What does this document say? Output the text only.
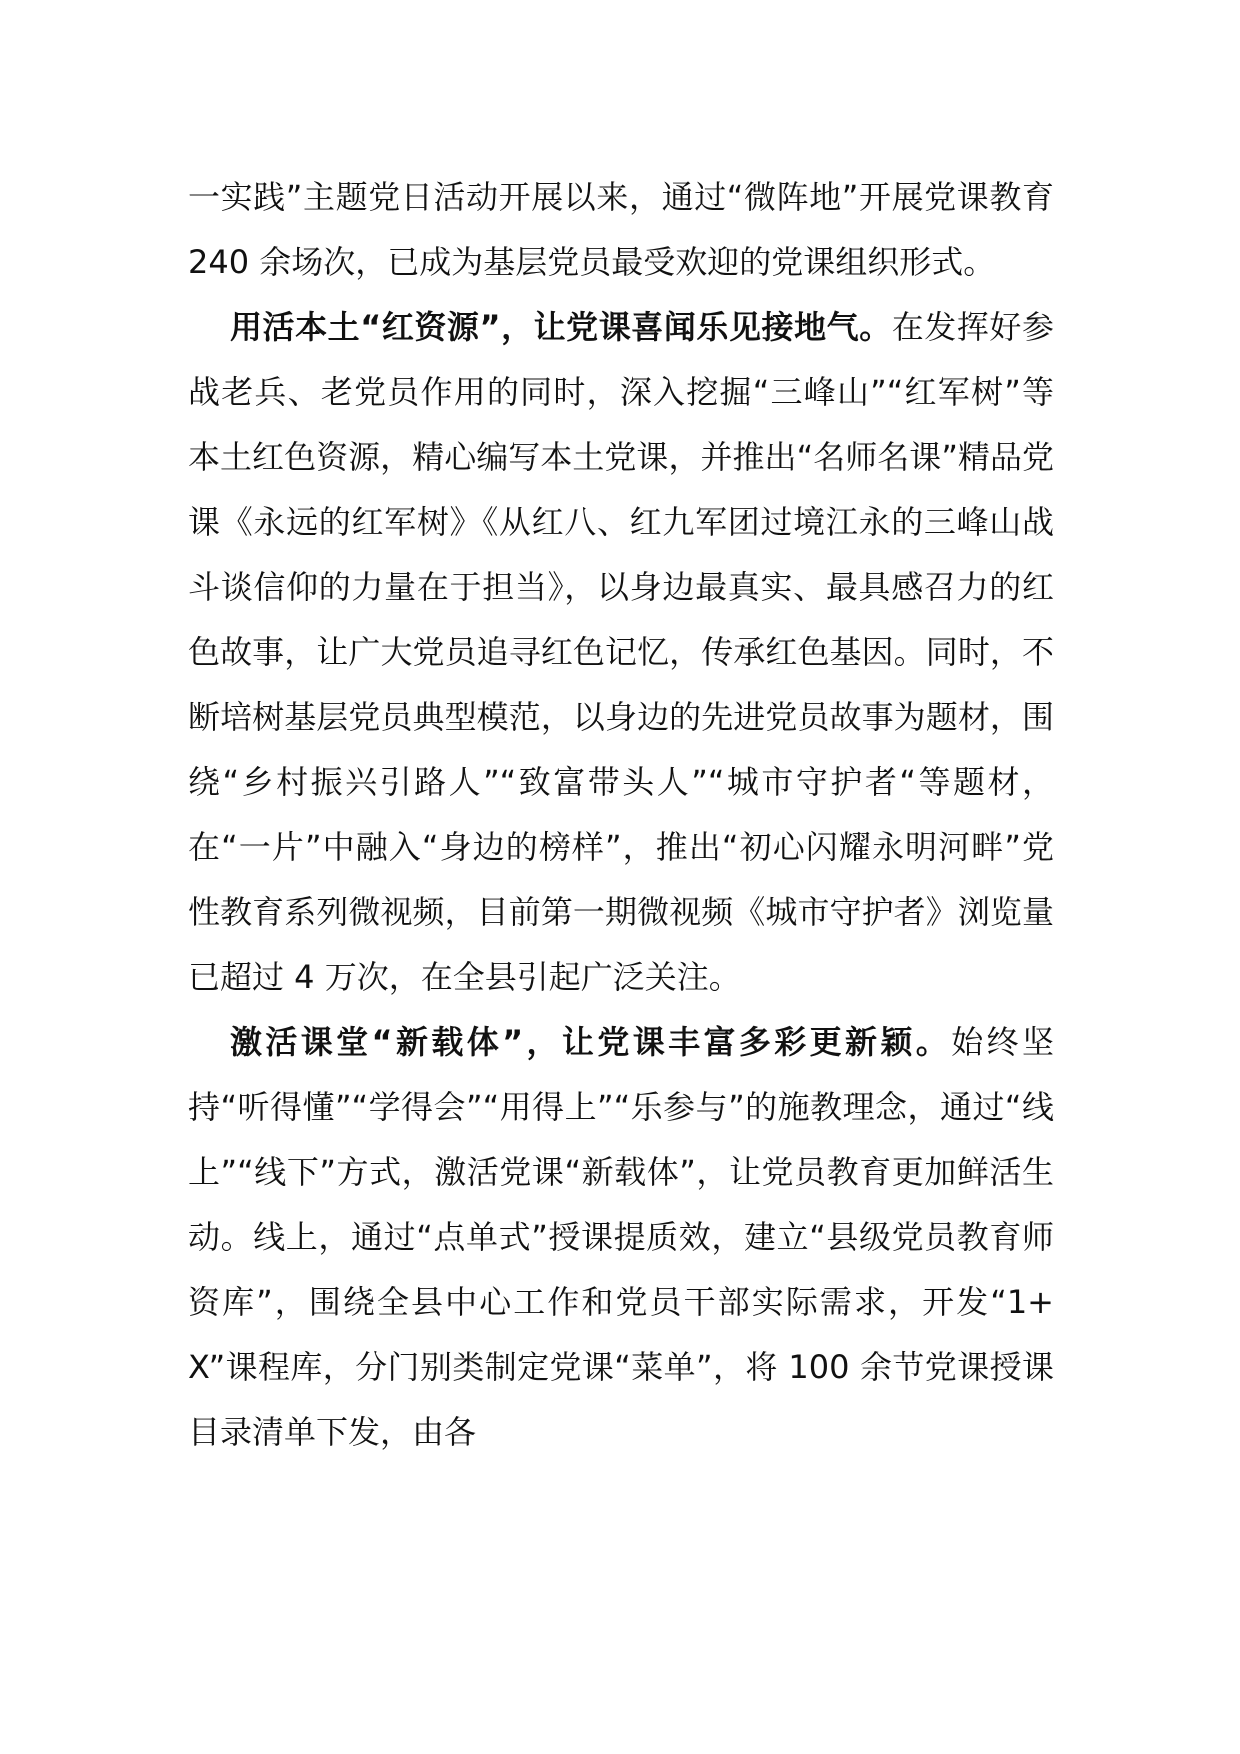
一实践”主题党日活动开展以来，通过“微阵地”开展党课教育 240 余场次，已成为基层党员最受欢迎的党课组织形式。

用活本土“红资源”，让党课喜闻乐见接地气。在发挥好参战老兵、老党员作用的同时，深入挖掘“三峰山”“红军树”等本土红色资源，精心编写本土党课，并推出“名师名课”精品党课《永远的红军树》《从红八、红九军团过境江永的三峰山战斗谈信仰的力量在于担当》，以身边最真实、最具感召力的红色故事，让广大党员追寻红色记忆，传承红色基因。同时，不断培树基层党员典型模范，以身边的先进党员故事为题材，围绕“乡村振兴引路人”“致富带头人”“城市守护者“等题材，在“一片”中融入“身边的榜样”，推出“初心闪耀永明河畔”党性教育系列微视频，目前第一期微视频《城市守护者》浏览量已超过 4 万次，在全县引起广泛关注。

激活课堂“新载体”，让党课丰富多彩更新颖。始终坚持“听得懂”“学得会”“用得上”“乐参与”的施教理念，通过“线上”“线下”方式，激活党课“新载体”，让党员教育更加鲜活生动。线上，通过“点单式”授课提质效，建立“县级党员教育师资库”，围绕全县中心工作和党员干部实际需求，开发“1+X”课程库，分门别类制定党课“菜单”，将 100 余节党课授课目录清单下发，由各
